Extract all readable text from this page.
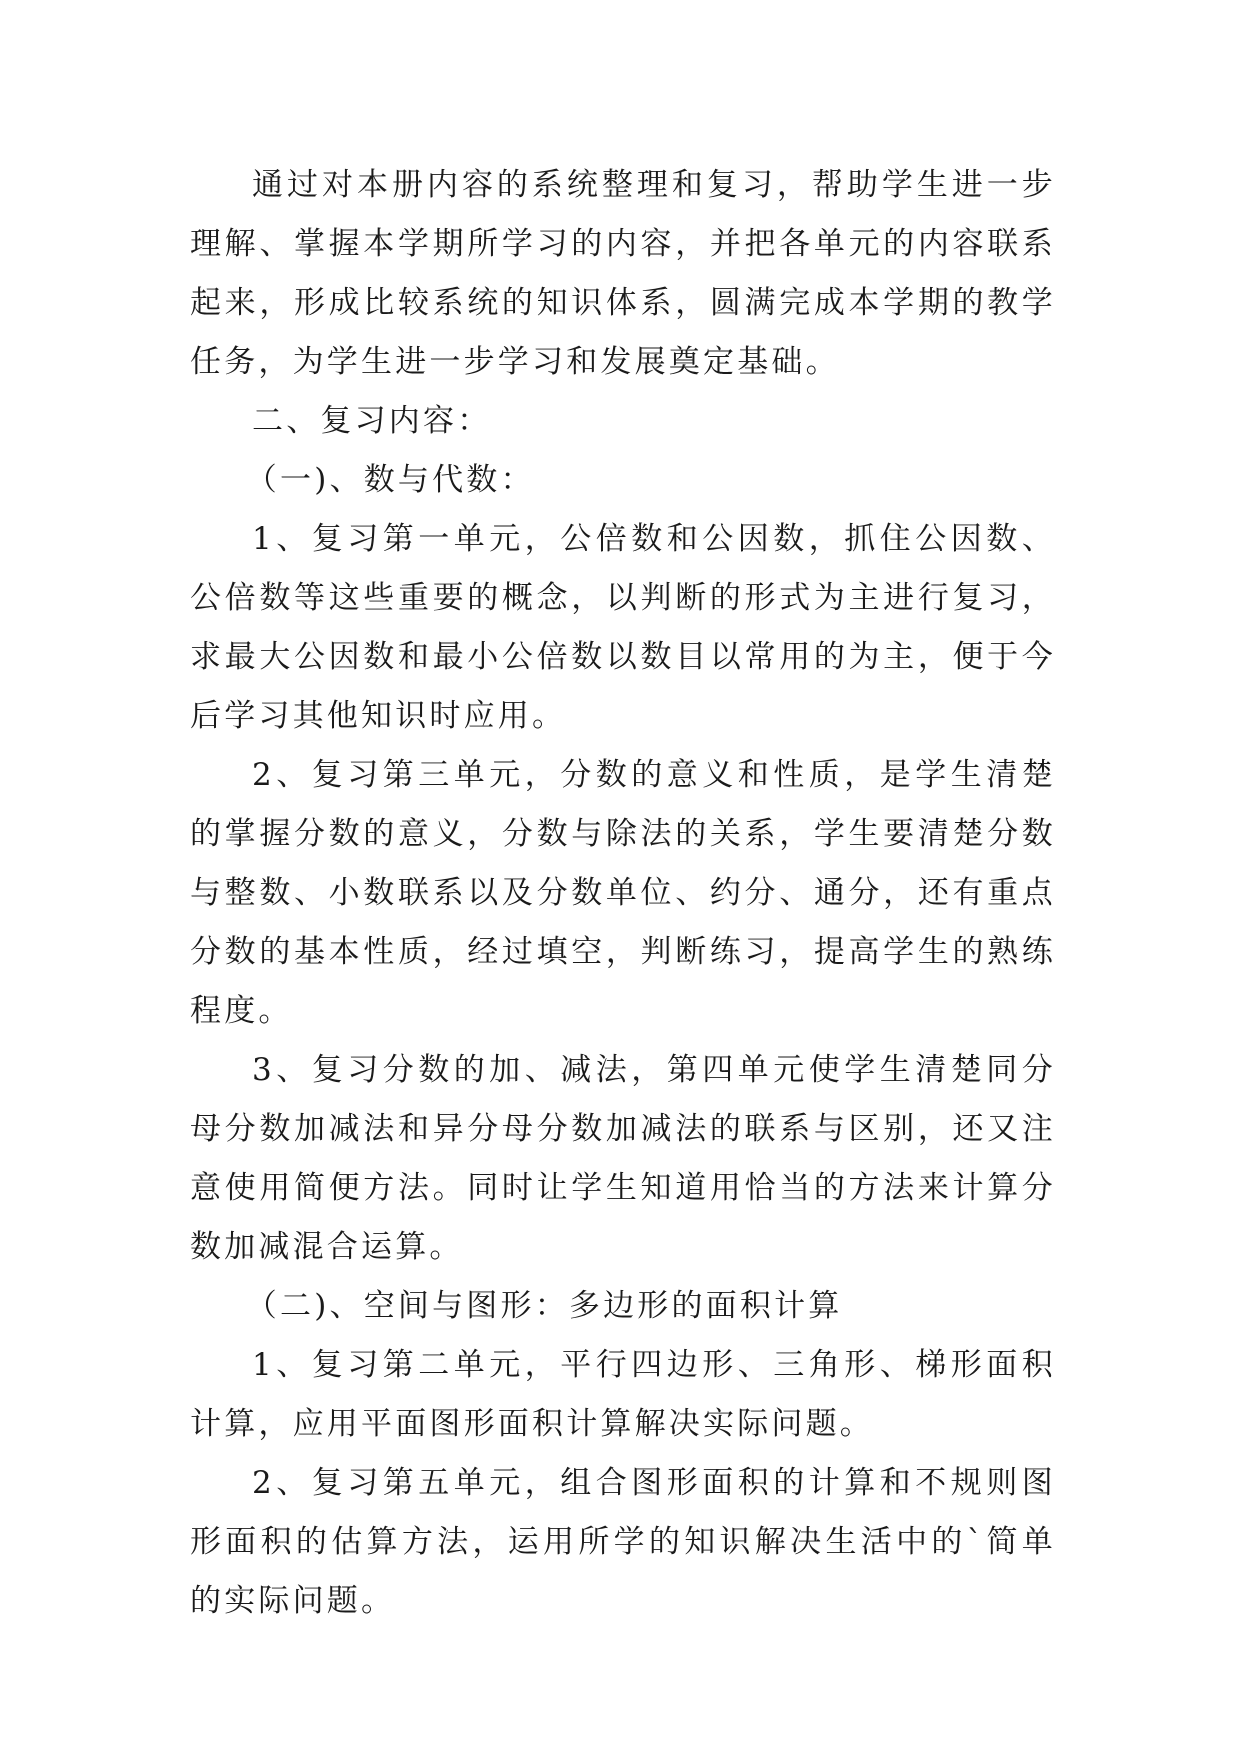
通过对本册内容的系统整理和复习，帮助学生进一步理解、掌握本学期所学习的内容，并把各单元的内容联系起来，形成比较系统的知识体系，圆满完成本学期的教学任务，为学生进一步学习和发展奠定基础。

二、复习内容：

（一)、数与代数：

1、复习第一单元，公倍数和公因数，抓住公因数、公倍数等这些重要的概念，以判断的形式为主进行复习，求最大公因数和最小公倍数以数目以常用的为主，便于今后学习其他知识时应用。

2、复习第三单元，分数的意义和性质，是学生清楚的掌握分数的意义，分数与除法的关系，学生要清楚分数与整数、小数联系以及分数单位、约分、通分，还有重点分数的基本性质，经过填空，判断练习，提高学生的熟练程度。

3、复习分数的加、减法，第四单元使学生清楚同分母分数加减法和异分母分数加减法的联系与区别，还又注意使用简便方法。同时让学生知道用恰当的方法来计算分数加减混合运算。

（二)、空间与图形：多边形的面积计算

1、复习第二单元，平行四边形、三角形、梯形面积计算，应用平面图形面积计算解决实际问题。

2、复习第五单元，组合图形面积的计算和不规则图形面积的估算方法，运用所学的知识解决生活中的`简单的实际问题。
